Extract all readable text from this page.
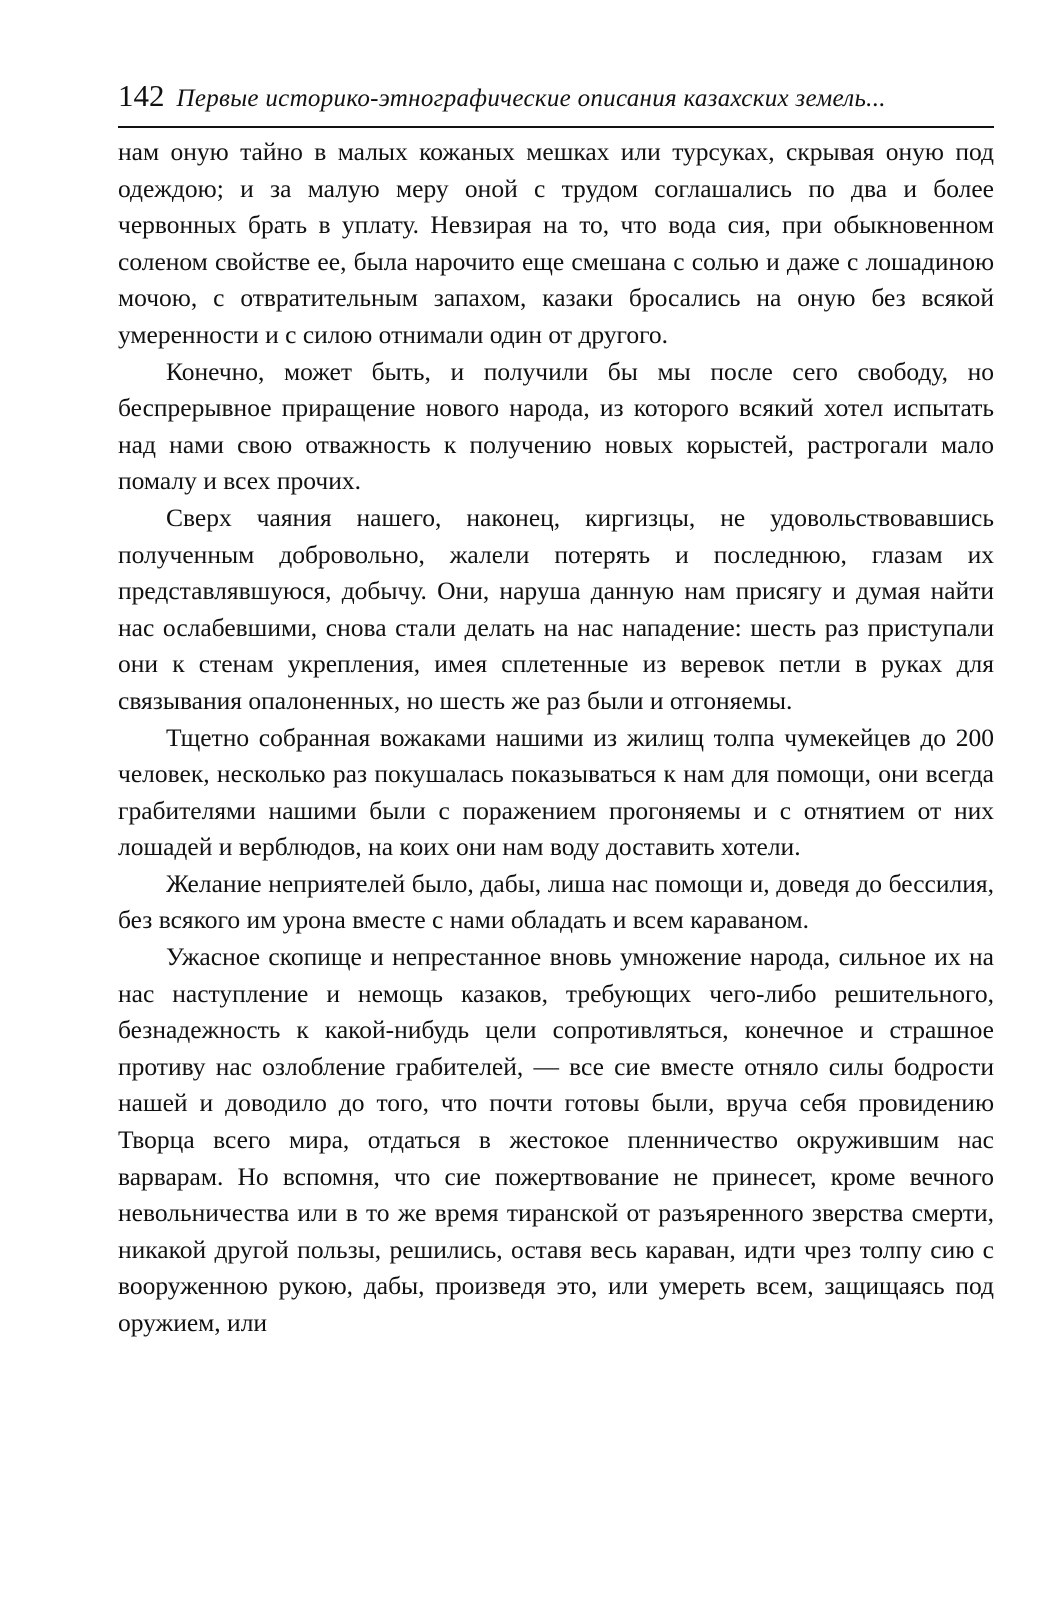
142 Первые историко-этнографические описания казахских земель...

нам оную тайно в малых кожаных мешках или турсуках, скрывая оную под одеждою; и за малую меру оной с трудом соглашались по два и более червонных брать в уплату. Невзирая на то, что вода сия, при обыкновенном соленом свойстве ее, была нарочито еще смешана с солью и даже с лошадиною мочою, с отвратительным запахом, казаки бросались на оную без всякой умеренности и с силою отнимали один от другого.

Конечно, может быть, и получили бы мы после сего свободу, но беспрерывное приращение нового народа, из которого всякий хотел испытать над нами свою отважность к получению новых корыстей, растрогали мало помалу и всех прочих.

Сверх чаяния нашего, наконец, киргизцы, не удовольствовавшись полученным добровольно, жалели потерять и последнюю, глазам их представлявшуюся, добычу. Они, наруша данную нам присягу и думая найти нас ослабевшими, снова стали делать на нас нападение: шесть раз приступали они к стенам укрепления, имея сплетенные из веревок петли в руках для связывания опалоненных, но шесть же раз были и отгоняемы.

Тщетно собранная вожаками нашими из жилищ толпа чумекейцев до 200 человек, несколько раз покушалась показываться к нам для помощи, они всегда грабителями нашими были с поражением прогоняемы и с отнятием от них лошадей и верблюдов, на коих они нам воду доставить хотели.

Желание неприятелей было, дабы, лиша нас помощи и, доведя до бессилия, без всякого им урона вместе с нами обладать и всем караваном.

Ужасное скопище и непрестанное вновь умножение народа, сильное их на нас наступление и немощь казаков, требующих чего-либо решительного, безнадежность к какой-нибудь цели сопротивляться, конечное и страшное противу нас озлобление грабителей, — все сие вместе отняло силы бодрости нашей и доводило до того, что почти готовы были, вруча себя провидению Творца всего мира, отдаться в жестокое пленничество окружившим нас варварам. Но вспомня, что сие пожертвование не принесет, кроме вечного невольничества или в то же время тиранской от разъяренного зверства смерти, никакой другой пользы, решились, оставя весь караван, идти чрез толпу сию с вооруженною рукою, дабы, произведя это, или умереть всем, защищаясь под оружием, или
